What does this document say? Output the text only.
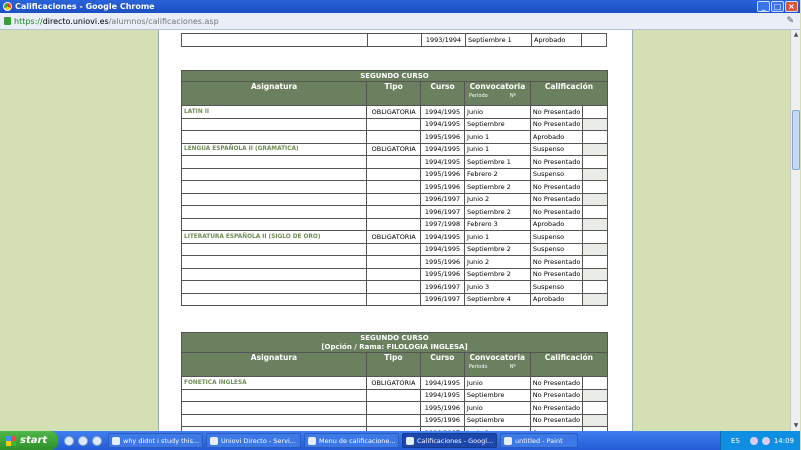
Calificaciones - Google Chrome	_	□ ×
https:// directo.uniovi.es /alumnos/calificaciones.asp	✎
		1993/1994	Septiembre 1	Aprobado	
SEGUNDO CURSO					
Asignatura	Tipo	Curso	Convocatoria
Periodo Nº	Calificación	
LATIN II	OBLIGATORIA	1994/1995	Junio	No Presentado	
		1994/1995	Septiembre	No Presentado	
		1995/1996	Junio 1	Aprobado	
LENGUA ESPAÑOLA II (GRAMATICA)	OBLIGATORIA	1994/1995	Junio 1	Suspenso	
		1994/1995	Septiembre 1	No Presentado	
		1995/1996	Febrero 2	Suspenso	
		1995/1996	Septiembre 2	No Presentado	
		1996/1997	Junio 2	No Presentado	
		1996/1997	Septiembre 2	No Presentado	
		1997/1998	Febrero 3	Aprobado	
LITERATURA ESPAÑOLA II (SIGLO DE ORO)	OBLIGATORIA	1994/1995	Junio 1	Suspenso	
		1994/1995	Septiembre 2	Suspenso	
		1995/1996	Junio 2	No Presentado	
		1995/1996	Septiembre 2	No Presentado	
		1996/1997	Junio 3	Suspenso	
		1996/1997	Septiembre 4	Aprobado	
SEGUNDO CURSO
[Opción / Rama: FILOLOGIA INGLESA]					

Asignatura	Tipo	Curso	Convocatoria
Periodo Nº	Calificación	
FONETICA INGLESA	OBLIGATORIA	1994/1995	Junio	No Presentado	
		1994/1995	Septiembre	No Presentado	
		1995/1996	Junio	No Presentado	
		1995/1996	Septiembre	No Presentado	

▲
▼
start	why didnt i study this...	Uniovi Directo - Servi...	Menu de calificacione...	Calificaciones - Googl...	untitled - Paint	ES	14:09
